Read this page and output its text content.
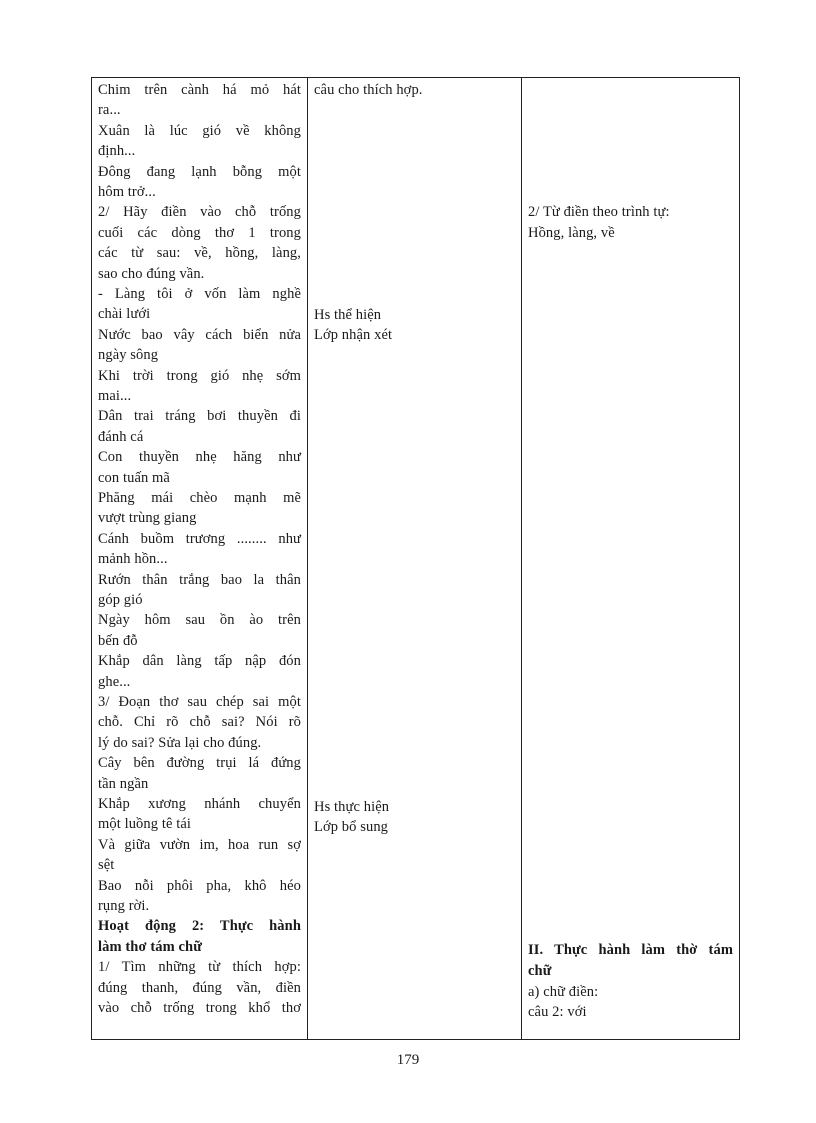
Chim trên cành há mỏ hát
ra...
Xuân là lúc gió về không
định...
Đông đang lạnh bỗng một
hôm trở...
2/ Hãy điền vào chỗ trống
cuối các dòng thơ 1 trong
các từ sau: về, hồng, làng,
sao cho đúng vần.
- Làng tôi ở vốn làm nghề
chài lưới
Nước bao vây cách biển nửa
ngày sông
Khi trời trong gió nhẹ sớm
mai...
Dân trai tráng bơi thuyền đi
đánh cá
Con thuyền nhẹ hăng như
con tuấn mã
Phăng mái chèo mạnh mẽ
vượt trùng giang
Cánh buồm trương ........ như
mảnh hồn...
Rướn thân trắng bao la thân
góp gió
Ngày hôm sau ồn ào trên
bến đỗ
Khắp dân làng tấp nập đón
ghe...
3/ Đoạn thơ sau chép sai một
chỗ. Chỉ rõ chỗ sai? Nói rõ
lý do sai? Sửa lại cho đúng.
Cây bên đường trụi lá đứng
tần ngần
Khắp xương nhánh chuyển
một luồng tê tái
Và giữa vườn im, hoa run sợ
sệt
Bao nỗi phôi pha, khô héo
rụng rời.
Hoạt động 2: Thực hành
làm thơ tám chữ
1/ Tìm những từ thích hợp:
đúng thanh, đúng vần, điền
vào chỗ trống trong khổ thơ

câu cho thích hợp.
Hs thể hiện
Lớp nhận xét
Hs thực hiện
Lớp bổ sung

2/ Từ điền theo trình tự:
Hồng, làng, về
II. Thực hành làm thờ tám
chữ
a) chữ điền:
câu 2: với
179
